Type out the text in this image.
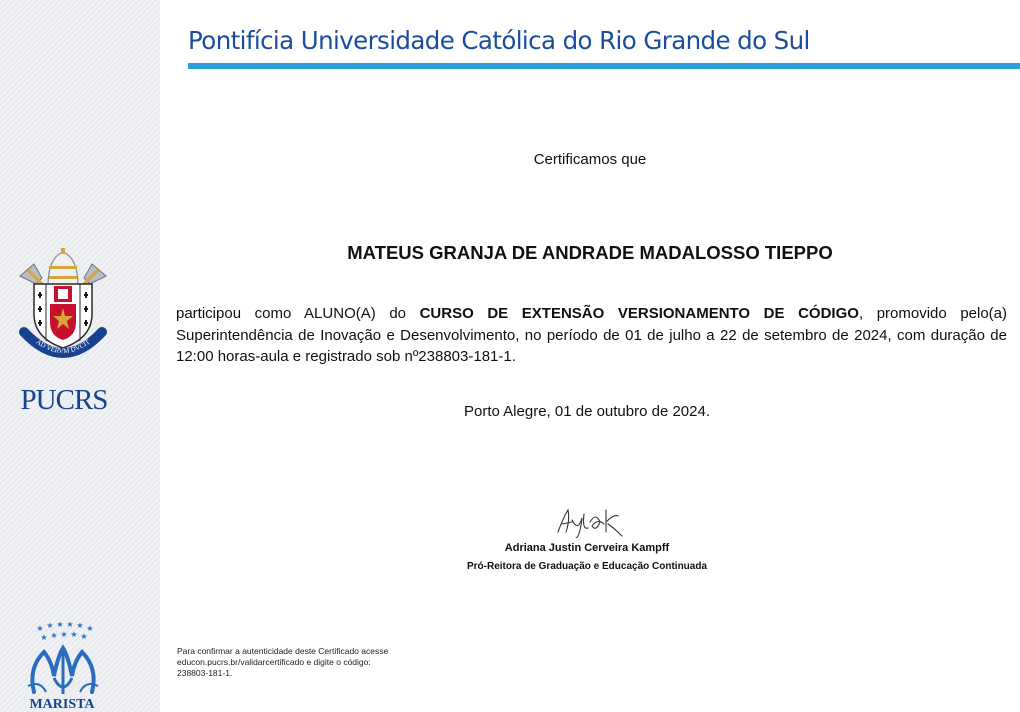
AD VERVM DVCIT
PUCRS
★ ★ ★ ★ ★ ★
★ ★ ★ ★ ★
MARISTA
Pontifícia Universidade Católica do Rio Grande do Sul
Certificamos que
MATEUS GRANJA DE ANDRADE MADALOSSO TIEPPO
participou como ALUNO(A) do CURSO DE EXTENSÃO VERSIONAMENTO DE CÓDIGO, promovido pelo(a) Superintendência de Inovação e Desenvolvimento, no período de 01 de julho a 22 de setembro de 2024, com duração de 12:00 horas-aula e registrado sob nº238803-181-1.
Porto Alegre, 01 de outubro de 2024.
Adriana Justin Cerveira Kampff
Pró-Reitora de Graduação e Educação Continuada
Para confirmar a autenticidade deste Certificado acesse
educon.pucrs.br/validarcertificado e digite o código:
238803-181-1.
